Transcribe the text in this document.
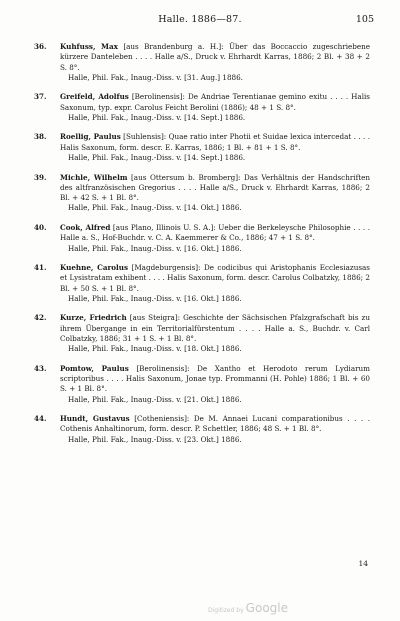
Halle. 1886—87.	105
36. Kuhfuss, Max [aus Brandenburg a. H.]: Über das Boccaccio zugeschriebene kürzere Danteleben . . . . Halle a/S., Druck v. Ehrhardt Karras, 1886; 2 Bl. + 38 + 2 S. 8°.
Halle, Phil. Fak., Inaug.-Diss. v. [31. Aug.] 1886.
37. Greifeld, Adolfus [Berolinensis]: De Andriae Terentianae gemino exitu . . . . Halis Saxonum, typ. expr. Carolus Feicht Berolini (1886); 48 + 1 S. 8°.
Halle, Phil. Fak., Inaug.-Diss. v. [14. Sept.] 1886.
38. Roellig, Paulus [Suhlensis]: Quae ratio inter Photii et Suidae lexica intercedat . . . . Halis Saxonum, form. descr. E. Karras, 1886; 1 Bl. + 81 + 1 S. 8°.
Halle, Phil. Fak., Inaug.-Diss. v. [14. Sept.] 1886.
39. Michle, Wilhelm [aus Ottersum b. Bromberg]: Das Verhältnis der Handschriften des altfranzösischen Gregorius . . . . Halle a/S., Druck v. Ehrhardt Karras, 1886; 2 Bl. + 42 S. + 1 Bl. 8°.
Halle, Phil. Fak., Inaug.-Diss. v. [14. Okt.] 1886.
40. Cook, Alfred [aus Plano, Illinois U. S. A.]: Ueber die Berkeleysche Philosophie . . . . Halle a. S., Hof-Buchdr. v. C. A. Kaemmerer & Co., 1886; 47 + 1 S. 8°.
Halle, Phil. Fak., Inaug.-Diss. v. [16. Okt.] 1886.
41. Kuehne, Carolus [Magdeburgensis]: De codicibus qui Aristophanis Ecclesiazusas et Lysistratam exhibent . . . . Halis Saxonum, form. descr. Carolus Colbatzky, 1886; 2 Bl. + 50 S. + 1 Bl. 8°.
Halle, Phil. Fak., Inaug.-Diss. v. [16. Okt.] 1886.
42. Kurze, Friedrich [aus Steigra]: Geschichte der Sächsischen Pfalzgrafschaft bis zu ihrem Übergange in ein Territorialfürstentum . . . . Halle a. S., Buchdr. v. Carl Colbatzky, 1886; 31 + 1 S. + 1 Bl. 8°.
Halle, Phil. Fak., Inaug.-Diss. v. [18. Okt.] 1886.
43. Pomtow, Paulus [Berolinensis]: De Xantho et Herodoto rerum Lydiarum scriptoribus . . . . Halis Saxonum, Jonae typ. Frommanni (H. Pohle) 1886; 1 Bl. + 60 S. + 1 Bl. 8°.
Halle, Phil. Fak., Inaug.-Diss. v. [21. Okt.] 1886.
44. Hundt, Gustavus [Cotheniensis]: De M. Annaei Lucani comparationibus . . . . Cothenis Anhaltinorum, form. descr. P. Schettler, 1886; 48 S. + 1 Bl. 8°.
Halle, Phil. Fak., Inaug.-Diss. v. [23. Okt.] 1886.
14
Digitized by Google
